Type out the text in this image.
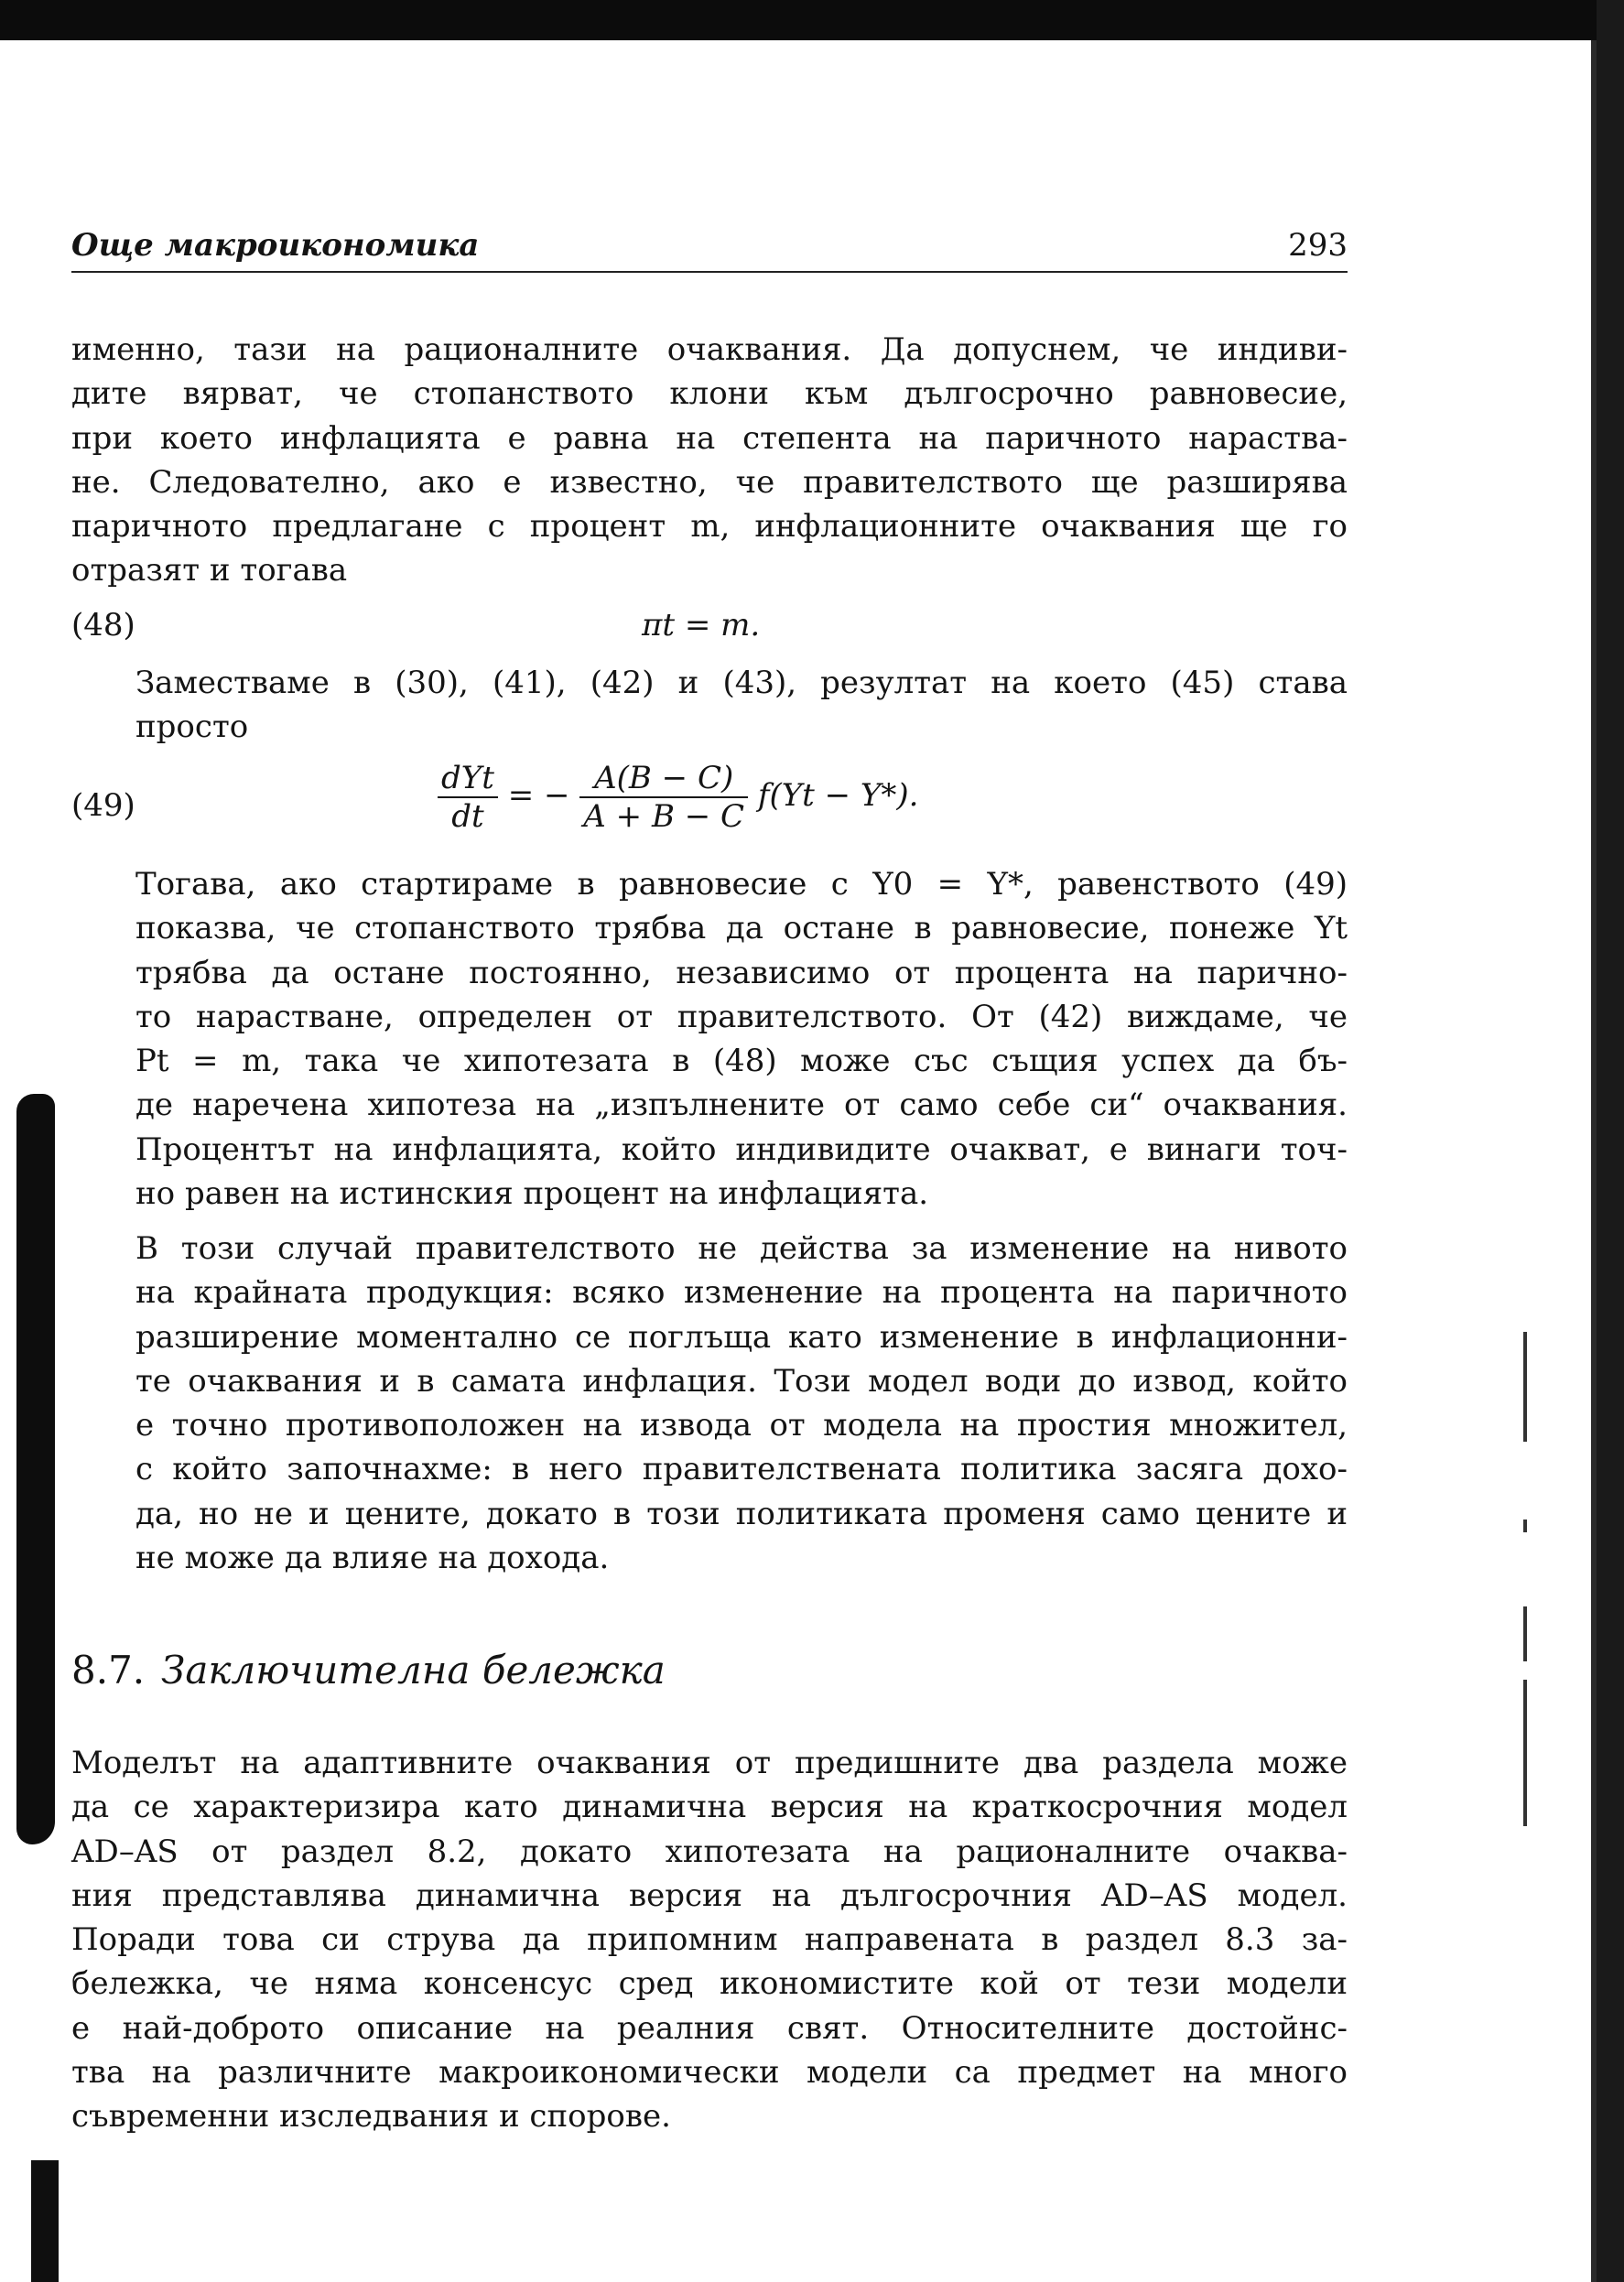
Още макроикономика	293
именно, тази на рационалните очаквания. Да допуснем, че индиви-
дите вярват, че стопанството клони към дългосрочно равновесие,
при което инфлацията е равна на степента на паричното нараства-
не. Следователно, ако е известно, че правителството ще разширява
паричното предлагане с процент m, инфлационните очаквания ще го
отразят и тогава
(48)	πt = m.
Заместваме в (30), (41), (42) и (43), резултат на което (45) става
просто
(49)	$\frac{\text{dYt}}{dt}$ = − $\frac{A(B - C)}{A + B - C} f(Yt - Y*)$.
Тогава, ако стартираме в равновесие с Y0 = Y*, равенството (49)
показва, че стопанството трябва да остане в равновесие, понеже Yt
трябва да остане постоянно, независимо от процента на парично-
то нарастване, определен от правителството. От (42) виждаме, че
Pt = m, така че хипотезата в (48) може със същия успех да бъ-
де наречена хипотеза на „изпълнените от само себе си“ очаквания.
Процентът на инфлацията, който индивидите очакват, е винаги точ-
но равен на истинския процент на инфлацията.
В този случай правителството не действа за изменение на нивото
на крайната продукция: всяко изменение на процента на паричното
разширение моментално се поглъща като изменение в инфлационни-
те очаквания и в самата инфлация. Този модел води до извод, който
е точно противоположен на извода от модела на простия множител,
с който започнахме: в него правителствената политика засяга дохо-
да, но не и цените, докато в този политиката променя само цените и
не може да влияе на дохода.
8.7. Заключителна бележка
Моделът на адаптивните очаквания от предишните два раздела може
да се характеризира като динамична версия на краткосрочния модел
AD–AS от раздел 8.2, докато хипотезата на рационалните очаква-
ния представлява динамична версия на дългосрочния AD–AS модел.
Поради това си струва да припомним направената в раздел 8.3 за-
бележка, че няма консенсус сред икономистите кой от тези модели
е най-доброто описание на реалния свят. Относителните достойнс-
тва на различните макроикономически модели са предмет на много
съвременни изследвания и спорове.
